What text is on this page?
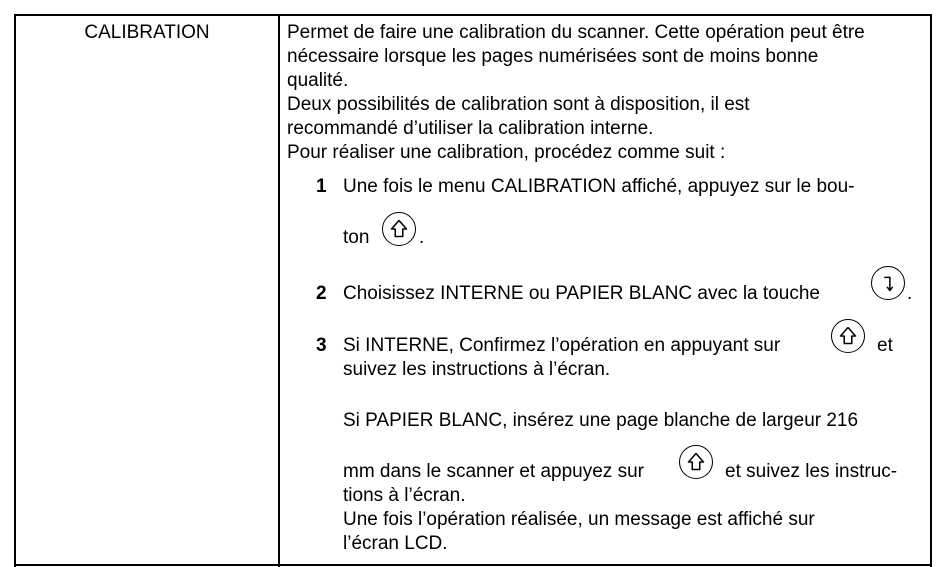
CALIBRATION	Permet de faire une calibration du scanner. Cette opération peut être

nécessaire lorsque les pages numérisées sont de moins bonne

qualité.

Deux possibilités de calibration sont à disposition, il est

recommandé d’utiliser la calibration interne.

Pour réaliser une calibration, procédez comme suit :

1 Une fois le menu CALIBRATION affiché, appuyez sur le bou-
ton	.
2 Choisissez INTERNE ou PAPIER BLANC avec la touche	.
3 Si INTERNE, Confirmez l’opération en appuyant sur	et
suivez les instructions à l’écran.
Si PAPIER BLANC, insérez une page blanche de largeur 216
mm dans le scanner et appuyez sur	et suivez les instruc-
tions à l’écran.
Une fois l’opération réalisée, un message est affiché sur
l’écran LCD.
